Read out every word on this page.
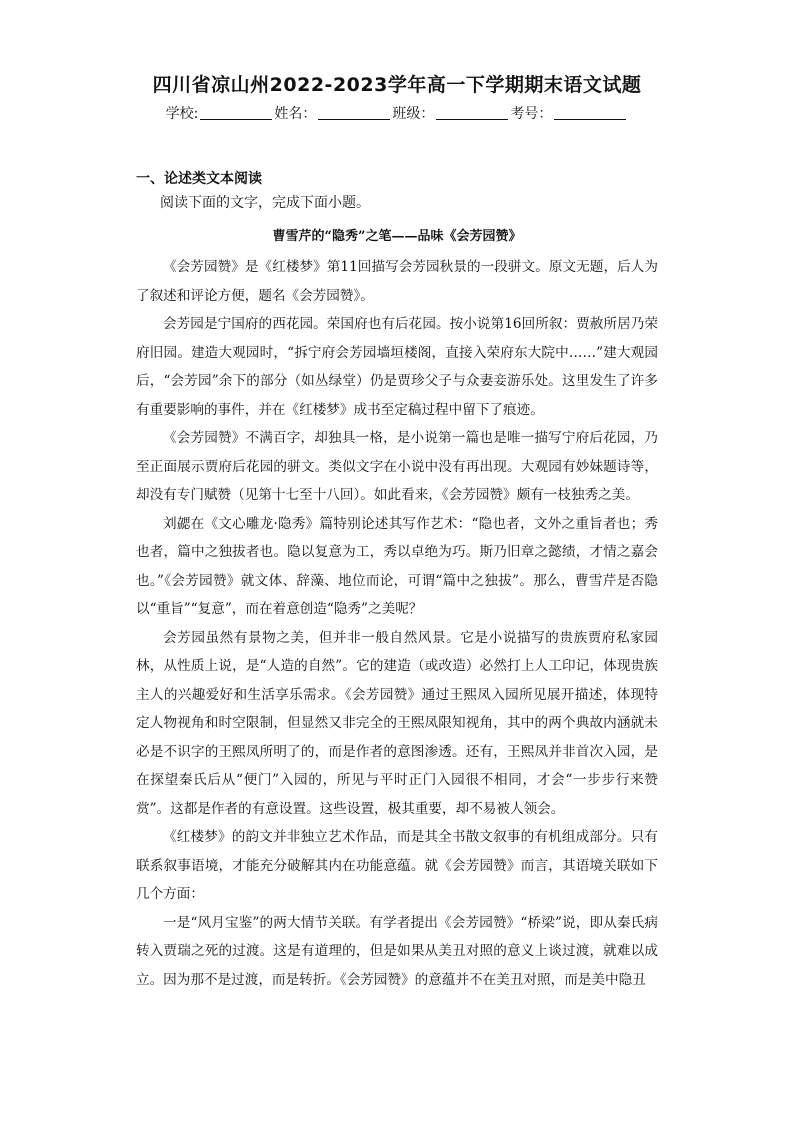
四川省凉山州2022-2023学年高一下学期期末语文试题
学校:	姓名：	班级：	考号：
一、论述类文本阅读
阅读下面的文字，完成下面小题。
曹雪芹的“隐秀”之笔——品味《会芳园赞》

《会芳园赞》是《红楼梦》第11回描写会芳园秋景的一段骈文。原文无题，后人为了叙述和评论方便，题名《会芳园赞》。

会芳园是宁国府的西花园。荣国府也有后花园。按小说第16回所叙：贾赦所居乃荣府旧园。建造大观园时，“拆宁府会芳园墙垣楼阁，直接入荣府东大院中……”建大观园后，“会芳园”余下的部分（如丛绿堂）仍是贾珍父子与众妻妾游乐处。这里发生了许多有重要影响的事件，并在《红楼梦》成书至定稿过程中留下了痕迹。

《会芳园赞》不满百字，却独具一格，是小说第一篇也是唯一描写宁府后花园，乃至正面展示贾府后花园的骈文。类似文字在小说中没有再出现。大观园有妙妹题诗等，却没有专门赋赞（见第十七至十八回）。如此看来，《会芳园赞》颇有一枝独秀之美。

刘勰在《文心雕龙·隐秀》篇特别论述其写作艺术：“隐也者，文外之重旨者也；秀也者，篇中之独拔者也。隐以复意为工，秀以卓绝为巧。斯乃旧章之懿绩，才情之嘉会也。”《会芳园赞》就文体、辞藻、地位而论，可谓“篇中之独拔”。那么，曹雪芹是否隐以“重旨”“复意”，而在着意创造“隐秀”之美呢？

会芳园虽然有景物之美，但并非一般自然风景。它是小说描写的贵族贾府私家园林，从性质上说，是“人造的自然”。它的建造（或改造）必然打上人工印记，体现贵族主人的兴趣爱好和生活享乐需求。《会芳园赞》通过王熙凤入园所见展开描述，体现特定人物视角和时空限制，但显然又非完全的王熙凤限知视角，其中的两个典故内涵就未必是不识字的王熙凤所明了的，而是作者的意图渗透。还有，王熙凤并非首次入园，是在探望秦氏后从“便门”入园的，所见与平时正门入园很不相同，才会“一步步行来赞赏”。这都是作者的有意设置。这些设置，极其重要，却不易被人领会。

《红楼梦》的韵文并非独立艺术作品，而是其全书散文叙事的有机组成部分。只有联系叙事语境，才能充分破解其内在功能意蕴。就《会芳园赞》而言，其语境关联如下几个方面：

一是“风月宝鉴”的两大情节关联。有学者提出《会芳园赞》“桥梁”说，即从秦氏病转入贾瑞之死的过渡。这是有道理的，但是如果从美丑对照的意义上谈过渡，就难以成立。因为那不是过渡，而是转折。《会芳园赞》的意蕴并不在美丑对照，而是美中隐丑
